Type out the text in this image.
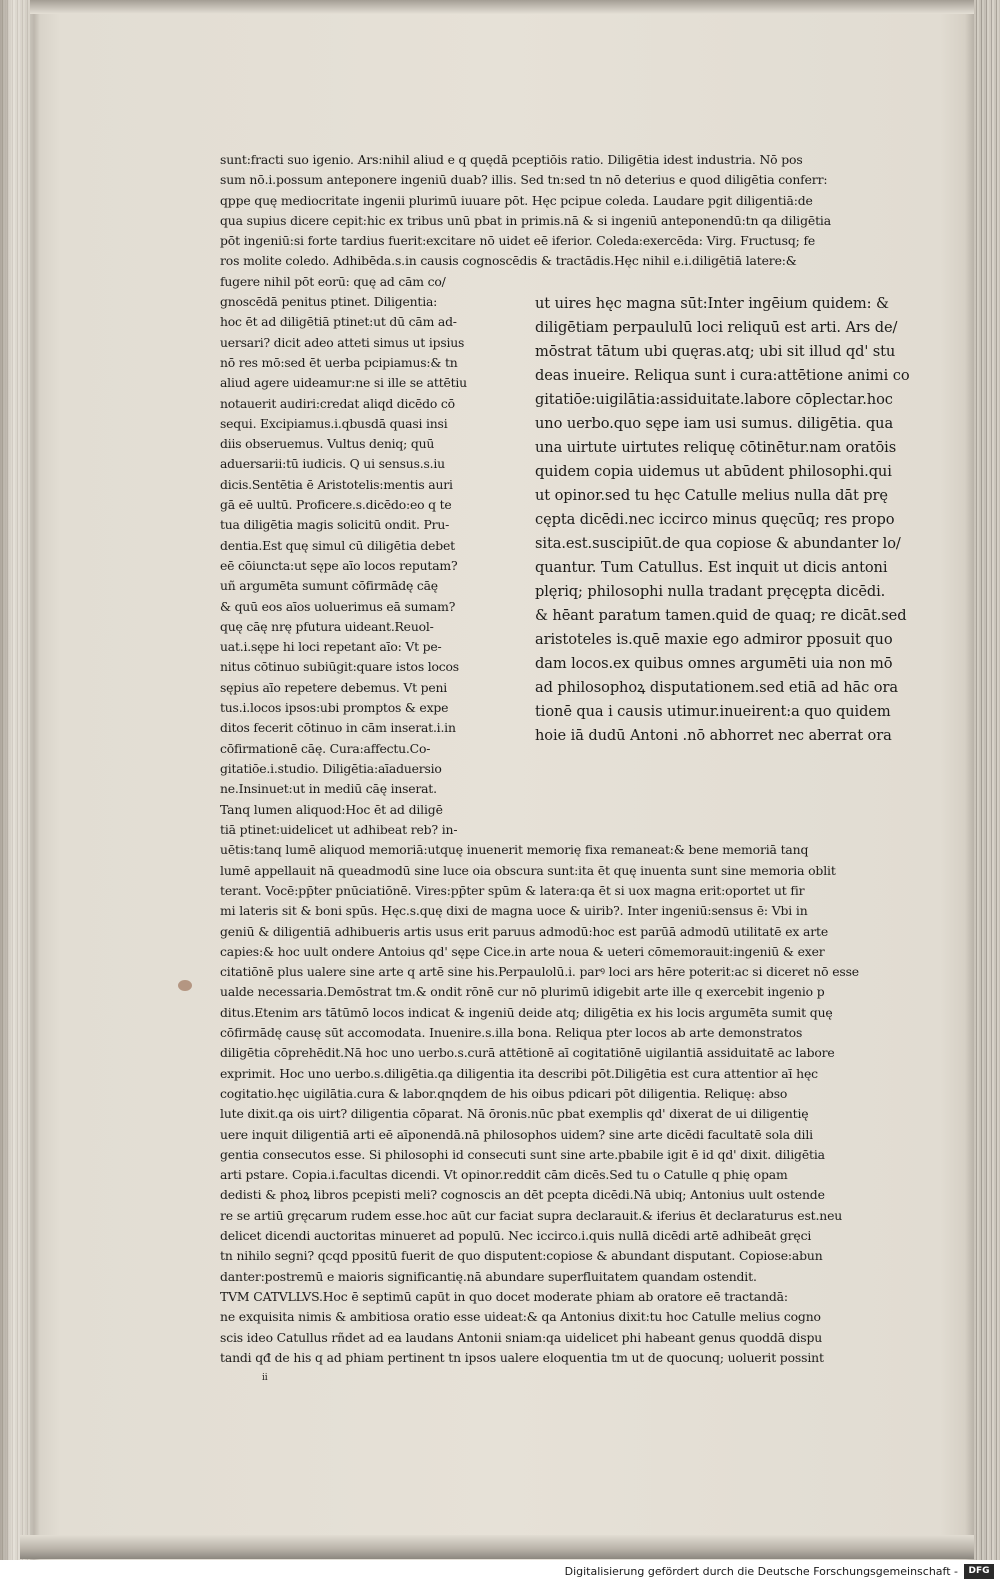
sunt:fracti suo igenio. Ars:nihil aliud e q quędā pceptiōis ratio. Diligētia idest industria. Nō pos
sum nō.i.possum anteponere ingeniū duab? illis. Sed tn:sed tn nō deterius e quod diligētia conferr:
qppe quę mediocritate ingenii plurimū iuuare pōt. Hęc pcipue coleda. Laudare pgit diligentiā:de
qua supius dicere cepit:hic ex tribus unū pbat in primis.nā & si ingeniū anteponendū:tn qa diligētia
pōt ingeniū:si forte tardius fuerit:excitare nō uidet eē iferior. Coleda:exercēda: Virg. Fructusq; fe
ros molite coledo. Adhibēda.s.in causis cognoscēdis & tractādis.Hęc nihil e.i.diligētiā latere:&
fugere nihil pōt eorū: quę ad cām co/
gnoscēdā penitus ptinet. Diligentia:
hoc ēt ad diligētiā ptinet:ut dū cām ad-
uersari? dicit adeo atteti simus ut ipsius
nō res mō:sed ēt uerba pcipiamus:& tn
aliud agere uideamur:ne si ille se attētiu
notauerit audiri:credat aliqd dicēdo cō
sequi. Excipiamus.i.qbusdā quasi insi
diis obseruemus. Vultus deniq; quū
aduersarii:tū iudicis. Q ui sensus.s.iu
dicis.Sentētia ē Aristotelis:mentis auri
gā eē uultū. Proficere.s.dicēdo:eo q te
tua diligētia magis solicitū ondit. Pru-
dentia.Est quę simul cū diligētia debet
eē cōiuncta:ut sępe aīo locos reputam?
uñ argumēta sumunt cōfirmādę cāę
& quū eos aīos uoluerimus eā sumam?
quę cāę nrę pfutura uideant.Reuol-
uat.i.sępe hi loci repetant aīo: Vt pe-
nitus cōtinuo subiūgit:quare istos locos
sępius aīo repetere debemus. Vt peni
tus.i.locos ipsos:ubi promptos & expe
ditos fecerit cōtinuo in cām inserat.i.in
cōfirmationē cāę. Cura:affectu.Co-
gitatiōe.i.studio. Diligētia:aīaduersio
ne.Insinuet:ut in mediū cāę inserat.
ut uires hęc magna sūt:Inter ingēium quidem: &
diligētiam perpaululū loci reliquū est arti. Ars de/
mōstrat tātum ubi quęras.atq; ubi sit illud qd' stu
deas inueire. Reliqua sunt i cura:attētione animi co
gitatiōe:uigilātia:assiduitate.labore cōplectar.hoc
uno uerbo.quo sępe iam usi sumus. diligētia. qua
una uirtute uirtutes reliquę cōtinētur.nam oratōis
quidem copia uidemus ut abūdent philosophi.qui
ut opinor.sed tu hęc Catulle melius nulla dāt prę
cępta dicēdi.nec iccirco minus quęcūq; res propo
sita.est.suscipiūt.de qua copiose & abundanter lo/
quantur. Tum Catullus. Est inquit ut dicis antoni
plęriq; philosophi nulla tradant pręcępta dicēdi.
& hēant paratum tamen.quid de quaq; re dicāt.sed
aristoteles is.quē maxie ego admiror pposuit quo
dam locos.ex quibus omnes argumēti uia non mō
ad philosophoꝝ disputationem.sed etiā ad hāc ora
tionē qua i causis utimur.inueirent:a quo quidem
hoie iā dudū Antoni .nō abhorret nec aberrat ora
Tanq lumen aliquod:Hoc ēt ad diligē
tiā ptinet:uidelicet ut adhibeat reb? in-
uētis:tanq lumē aliquod memoriā:utquę inuenerit memorię fixa remaneat:& bene memoriā tanq
lumē appellauit nā queadmodū sine luce oia obscura sunt:ita ēt quę inuenta sunt sine memoria oblit
terant. Vocē:pp̄ter pnūciatiōnē. Vires:pp̄ter spūm & latera:qa ēt si uox magna erit:oportet ut fir
mi lateris sit & boni spūs. Hęc.s.quę dixi de magna uoce & uirib?. Inter ingeniū:sensus ē: Vbi in
geniū & diligentiā adhibueris artis usus erit paruus admodū:hoc est parūā admodū utilitatē ex arte
capies:& hoc uult ondere Antoius qd' sępe Cice.in arte noua & ueteri cōmemorauit:ingeniū & exer
citatiōnē plus ualere sine arte q artē sine his.Perpaulolū.i. parꝰ loci ars hēre poterit:ac si diceret nō esse
ualde necessaria.Demōstrat tm.& ondit rōnē cur nō plurimū idigebit arte ille q exercebit ingenio p
ditus.Etenim ars tātūmō locos indicat & ingeniū deide atq; diligētia ex his locis argumēta sumit quę
cōfirmādę causę sūt accomodata. Inuenire.s.illa bona. Reliqua pter locos ab arte demonstratos
diligētia cōprehēdit.Nā hoc uno uerbo.s.curā attētionē aī cogitatiōnē uigilantiā assiduitatē ac labore
exprimit. Hoc uno uerbo.s.diligētia.qa diligentia ita describi pōt.Diligētia est cura attentior aī hęc
cogitatio.hęc uigilātia.cura & labor.qnqdem de his oibus pdicari pōt diligentia. Reliquę: abso
lute dixit.qa ois uirt? diligentia cōparat. Nā ōronis.nūc pbat exemplis qd' dixerat de ui diligentię
uere inquit diligentiā arti eē aīponendā.nā philosophos uidem? sine arte dicēdi facultatē sola dili
gentia consecutos esse. Si philosophi id consecuti sunt sine arte.pbabile igit ē id qd' dixit. diligētia
arti pstare. Copia.i.facultas dicendi. Vt opinor.reddit cām dicēs.Sed tu o Catulle q phię opam
dedisti & phoꝝ libros pcepisti meli? cognoscis an dēt pcepta dicēdi.Nā ubiq; Antonius uult ostende
re se artiū gręcarum rudem esse.hoc aūt cur faciat supra declarauit.& iferius ēt declaraturus est.neu
delicet dicendi auctoritas minueret ad populū. Nec iccirco.i.quis nullā dicēdi artē adhibeāt gręci
tn nihilo segni? qcqd ppositū fuerit de quo disputent:copiose & abundant disputant. Copiose:abun
danter:postremū e maioris significantię.nā abundare superfluitatem quandam ostendit.
TVM CATVLLVS.Hoc ē septimū capūt in quo docet moderate phiam ab oratore eē tractandā:
ne exquisita nimis & ambitiosa oratio esse uideat:& qa Antonius dixit:tu hoc Catulle melius cogno
scis ideo Catullus rñdet ad ea laudans Antonii sniam:qa uidelicet phi habeant genus quoddā dispu
tandi qđ de his q ad phiam pertinent tn ipsos ualere eloquentia tm ut de quocunq; uoluerit possint
ii
Digitalisierung gefördert durch die Deutsche Forschungsgemeinschaft -	DFG
